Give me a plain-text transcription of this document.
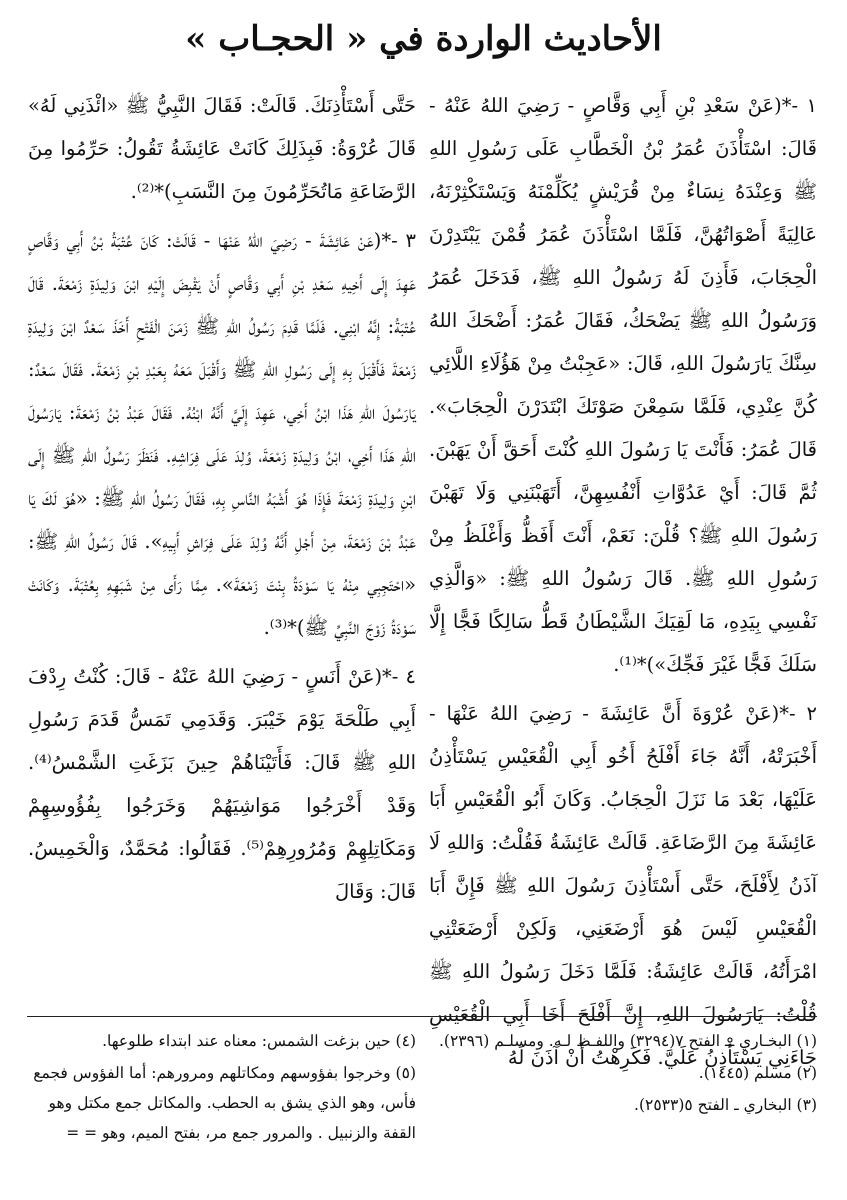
الأحاديث الواردة في « الحجـاب »

١ -*(عَنْ سَعْدِ بْنِ أَبِي وَقَّاصٍ - رَضِيَ اللهُ عَنْهُ - قَالَ: اسْتَأْذَنَ عُمَرُ بْنُ الْخَطَّابِ عَلَى رَسُولِ اللهِ ﷺ وَعِنْدَهُ نِسَاءٌ مِنْ قُرَيْشٍ يُكَلِّمْنَهُ وَيَسْتَكْثِرْنَهُ، عَالِيَةً أَصْوَاتُهُنَّ، فَلَمَّا اسْتَأْذَنَ عُمَرُ قُمْنَ يَبْتَدِرْنَ الْحِجَابَ، فَأَذِنَ لَهُ رَسُولُ اللهِ ﷺ، فَدَخَلَ عُمَرُ وَرَسُولُ اللهِ ﷺ يَضْحَكُ، فَقَالَ عُمَرُ: أَضْحَكَ اللهُ سِنَّكَ يَارَسُولَ اللهِ، قَالَ: «عَجِبْتُ مِنْ هَؤُلَاءِ اللَّائِي كُنَّ عِنْدِي، فَلَمَّا سَمِعْنَ صَوْتَكَ ابْتَدَرْنَ الْحِجَابَ». قَالَ عُمَرُ: فَأَنْتَ يَا رَسُولَ اللهِ كُنْتَ أَحَقَّ أَنْ يَهَبْنَ. ثُمَّ قَالَ: أَيْ عَدُوَّاتِ أَنْفُسِهِنَّ، أَتَهَبْنَنِي وَلَا تَهَبْنَ رَسُولَ اللهِ ﷺ؟ قُلْنَ: نَعَمْ، أَنْتَ أَفَظُّ وَأَغْلَظُ مِنْ رَسُولِ اللهِ ﷺ. قَالَ رَسُولُ اللهِ ﷺ: «وَالَّذِي نَفْسِي بِيَدِهِ، مَا لَقِيَكَ الشَّيْطَانُ قَطُّ سَالِكًا فَجًّا إِلَّا سَلَكَ فَجًّا غَيْرَ فَجِّكَ»)*⁽¹⁾.

٢ -*(عَنْ عُرْوَةَ أَنَّ عَائِشَةَ - رَضِيَ اللهُ عَنْهَا - أَخْبَرَتْهُ، أَنَّهُ جَاءَ أَفْلَحُ أَخُو أَبِي الْقُعَيْسِ يَسْتَأْذِنُ عَلَيْهَا، بَعْدَ مَا نَزَلَ الْحِجَابُ. وَكَانَ أَبُو الْقُعَيْسِ أَبَا عَائِشَةَ مِنَ الرَّضَاعَةِ. قَالَتْ عَائِشَةُ فَقُلْتُ: وَاللهِ لَا آذَنُ لِأَفْلَحَ، حَتَّى أَسْتَأْذِنَ رَسُولَ اللهِ ﷺ فَإِنَّ أَبَا الْقُعَيْسِ لَيْسَ هُوَ أَرْضَعَنِي، وَلَكِنْ أَرْضَعَتْنِي امْرَأَتُهُ، قَالَتْ عَائِشَةُ: فَلَمَّا دَخَلَ رَسُولُ اللهِ ﷺ قُلْتُ: يَارَسُولَ اللهِ، إِنَّ أَفْلَحَ أَخَا أَبِي الْقُعَيْسِ جَاءَنِي يَسْتَأْذِنُ عَلَيَّ. فَكَرِهْتُ أَنْ آذَنَ لَهُ

حَتَّى أَسْتَأْذِنَكَ. قَالَتْ: فَقَالَ النَّبِيُّ ﷺ «ائْذَنِي لَهُ» قَالَ عُرْوَةُ: فَبِذَلِكَ كَانَتْ عَائِشَةُ تَقُولُ: حَرِّمُوا مِنَ الرَّضَاعَةِ مَاتُحَرِّمُونَ مِنَ النَّسَبِ)*⁽²⁾.

٣ -*(عَنْ عَائِشَةَ - رَضِيَ اللهُ عَنْهَا - قَالَتْ: كَانَ عُتْبَةُ بْنُ أَبِي وَقَّاصٍ عَهِدَ إِلَى أَخِيهِ سَعْدِ بْنِ أَبِي وَقَّاصٍ أَنْ يَقْبِضَ إِلَيْهِ ابْنَ وَلِيدَةِ زَمْعَةَ. قَالَ عُتْبَةُ: إِنَّهُ ابْنِي. فَلَمَّا قَدِمَ رَسُولُ اللهِ ﷺ زَمَنَ الْفَتْحِ أَخَذَ سَعْدٌ ابْنَ وَلِيدَةِ زَمْعَةَ فَأَقْبَلَ بِهِ إِلَى رَسُولِ اللهِ ﷺ وَأَقْبَلَ مَعَهُ بِعَبْدِ بْنِ زَمْعَةَ. فَقَالَ سَعْدٌ: يَارَسُولَ اللهِ هَذَا ابْنُ أَخِي، عَهِدَ إِلَيَّ أَنَّهُ ابْنُهُ. فَقَالَ عَبْدُ بْنُ زَمْعَةَ: يَارَسُولَ اللهِ هَذَا أَخِي، ابْنُ وَلِيدَةِ زَمْعَةَ، وُلِدَ عَلَى فِرَاشِهِ. فَنَظَرَ رَسُولُ اللهِ ﷺ إِلَى ابْنِ وَلِيدَةِ زَمْعَةَ فَإِذَا هُوَ أَشْبَهُ النَّاسِ بِهِ، فَقَالَ رَسُولُ اللهِ ﷺ: «هُوَ لَكَ يَا عَبْدُ بْنَ زَمْعَةَ، مِنْ أَجْلِ أَنَّهُ وُلِدَ عَلَى فِرَاشِ أَبِيهِ». قَالَ رَسُولُ اللهِ ﷺ: «احْتَجِبِي مِنْهُ يَا سَوْدَةُ بِنْتَ زَمْعَةَ». مِمَّا رَأَى مِنْ شَبَهِهِ بِعُتْبَةَ. وَكَانَتْ سَوْدَةُ زَوْجَ النَّبِيِّ ﷺ)*⁽³⁾.

٤ -*(عَنْ أَنَسٍ - رَضِيَ اللهُ عَنْهُ - قَالَ: كُنْتُ رِدْفَ أَبِي طَلْحَةَ يَوْمَ خَيْبَرَ. وَقَدَمِي تَمَسُّ قَدَمَ رَسُولِ اللهِ ﷺ قَالَ: فَأَتَيْنَاهُمْ حِينَ بَزَغَتِ الشَّمْسُ⁽⁴⁾. وَقَدْ أَخْرَجُوا مَوَاشِيَهُمْ وَخَرَجُوا بِفُؤُوسِهِمْ وَمَكَاتِلِهِمْ وَمُرُورِهِمْ⁽⁵⁾. فَقَالُوا: مُحَمَّدٌ، وَالْخَمِيسُ. قَالَ: وَقَالَ

(١) البخـاري ــ الفتح ٧(٣٢٩٤) واللفـظ لـه. ومسلـم (٢٣٩٦).

(٢) مسلم (١٤٤٥).

(٣) البخاري ـ الفتح ٥(٢٥٣٣).

(٤) حين بزغت الشمس: معناه عند ابتداء طلوعها.

(٥) وخرجوا بفؤوسهم ومكاتلهم ومرورهم: أما الفؤوس فجمع فأس، وهو الذي يشق به الحطب. والمكاتل جمع مكتل وهو القفة والزنبيل . والمرور جمع مر، بفتح الميم، وهو = =
